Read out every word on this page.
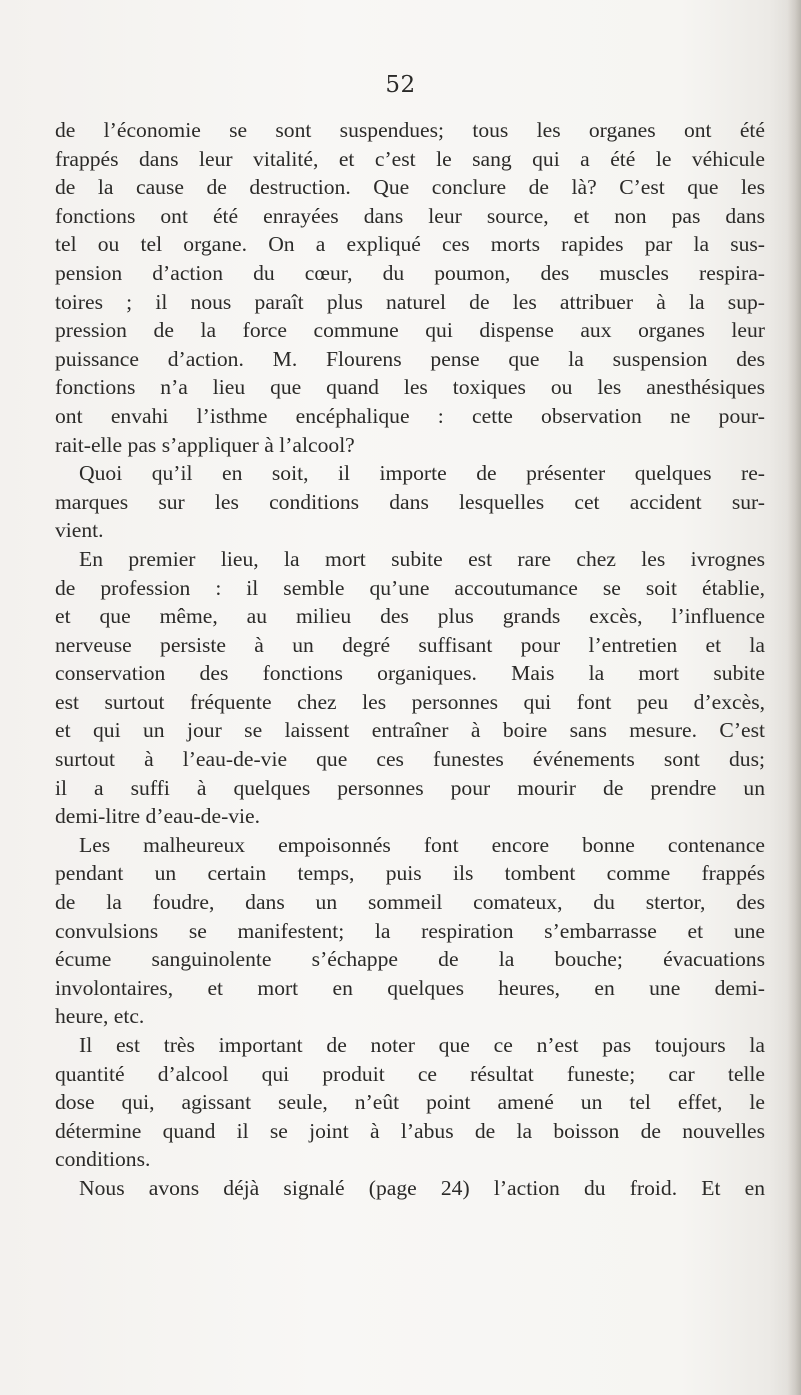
52
de l’économie se sont suspendues; tous les organes ont été
frappés dans leur vitalité, et c’est le sang qui a été le véhicule
de la cause de destruction. Que conclure de là? C’est que les
fonctions ont été enrayées dans leur source, et non pas dans
tel ou tel organe. On a expliqué ces morts rapides par la sus-
pension d’action du cœur, du poumon, des muscles respira-
toires ; il nous paraît plus naturel de les attribuer à la sup-
pression de la force commune qui dispense aux organes leur
puissance d’action. M. Flourens pense que la suspension des
fonctions n’a lieu que quand les toxiques ou les anesthésiques
ont envahi l’isthme encéphalique : cette observation ne pour-
rait-elle pas s’appliquer à l’alcool?
Quoi qu’il en soit, il importe de présenter quelques re-
marques sur les conditions dans lesquelles cet accident sur-
vient.
En premier lieu, la mort subite est rare chez les ivrognes
de profession : il semble qu’une accoutumance se soit établie,
et que même, au milieu des plus grands excès, l’influence
nerveuse persiste à un degré suffisant pour l’entretien et la
conservation des fonctions organiques. Mais la mort subite
est surtout fréquente chez les personnes qui font peu d’excès,
et qui un jour se laissent entraîner à boire sans mesure. C’est
surtout à l’eau-de-vie que ces funestes événements sont dus;
il a suffi à quelques personnes pour mourir de prendre un
demi-litre d’eau-de-vie.
Les malheureux empoisonnés font encore bonne contenance
pendant un certain temps, puis ils tombent comme frappés
de la foudre, dans un sommeil comateux, du stertor, des
convulsions se manifestent; la respiration s’embarrasse et une
écume sanguinolente s’échappe de la bouche; évacuations
involontaires, et mort en quelques heures, en une demi-
heure, etc.
Il est très important de noter que ce n’est pas toujours la
quantité d’alcool qui produit ce résultat funeste; car telle
dose qui, agissant seule, n’eût point amené un tel effet, le
détermine quand il se joint à l’abus de la boisson de nouvelles
conditions.
Nous avons déjà signalé (page 24) l’action du froid. Et en
